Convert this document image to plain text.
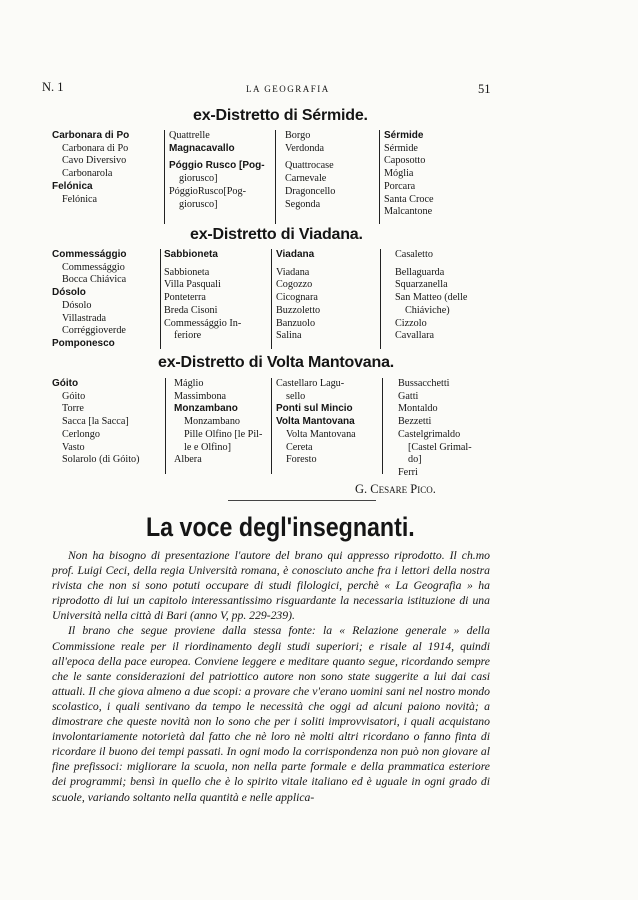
N. 1	LA GEOGRAFIA	51
ex-Distretto di Sérmide.
Carbonara di Po
Carbonara di Po
Cavo Diversivo
Carbonarola
Felónica
Felónica
Quattrelle
Magnacavallo
Póggio Rusco [Pog-
giorusco]
PóggioRusco[Pog-
giorusco]
Borgo
Verdonda
Quattrocase
Carnevale
Dragoncello
Segonda
Sérmide
Sérmide
Caposotto
Móglia
Porcara
Santa Croce
Malcantone
ex-Distretto di Viadana.
Commessággio
Commessággio
Bocca Chiávica
Dósolo
Dósolo
Villastrada
Corréggioverde
Pomponesco
Sabbioneta
Sabbioneta
Villa Pasquali
Ponteterra
Breda Cisoni
Commessággio In-
feriore
Viadana
Viadana
Cogozzo
Cicognara
Buzzoletto
Banzuolo
Salina
Casaletto
Bellaguarda
Squarzanella
San Matteo (delle
Chiáviche)
Cizzolo
Cavallara
ex-Distretto di Volta Mantovana.
Góito
Góito
Torre
Sacca [la Sacca]
Cerlongo
Vasto
Solarolo (di Góito)
Máglio
Massimbona
Monzambano
Monzambano
Pille Olfino [le Pil-
le e Olfino]
Albera
Castellaro Lagu-
sello
Ponti sul Mincio
Volta Mantovana
Volta Mantovana
Cereta
Foresto
Bussacchetti
Gatti
Montaldo
Bezzetti
Castelgrimaldo
[Castel Grimal-
do]
Ferri
G. Cesare Pico.
La voce degl'insegnanti.

Non ha bisogno di presentazione l'autore del brano qui appresso riprodotto. Il ch.mo prof. Luigi Ceci, della regia Università romana, è conosciuto anche fra i lettori della nostra rivista che non si sono potuti occupare di studi filologici, perchè « La Geografia » ha riprodotto di lui un capitolo interessantissimo risguardante la necessaria istituzione di una Università nella città di Bari (anno V, pp. 229-239).

Il brano che segue proviene dalla stessa fonte: la « Relazione generale » della Commissione reale per il riordinamento degli studi superiori; e risale al 1914, quindi all'epoca della pace europea. Conviene leggere e meditare quanto segue, ricordando sempre che le sante considerazioni del patriottico autore non sono state suggerite a lui dai casi attuali. Il che giova almeno a due scopi: a provare che v'erano uomini sani nel nostro mondo scolastico, i quali sentivano da tempo le necessità che oggi ad alcuni paiono novità; a dimostrare che queste novità non lo sono che per i soliti improvvisatori, i quali acquistano involontariamente notorietà dal fatto che nè loro nè molti altri ricordano o fanno finta di ricordare il buono dei tempi passati. In ogni modo la corrispondenza non può non giovare al fine prefissoci: migliorare la scuola, non nella parte formale e della prammatica esteriore dei programmi; bensì in quello che è lo spirito vitale italiano ed è uguale in ogni grado di scuole, variando soltanto nella quantità e nelle applica-
